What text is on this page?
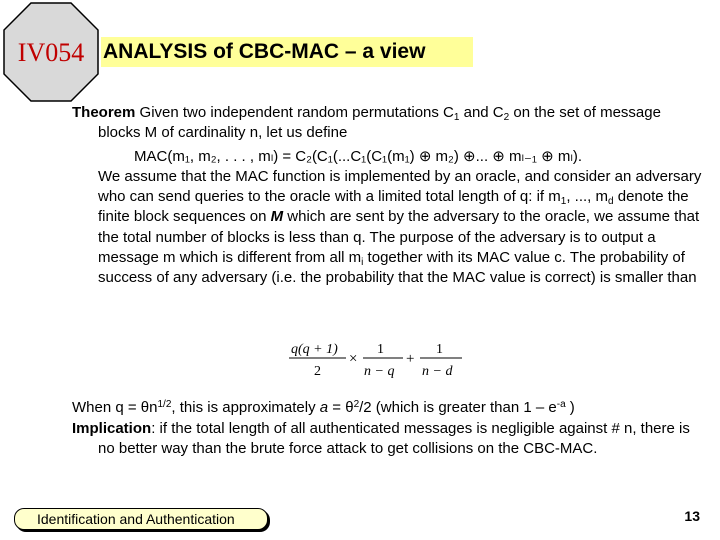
IV054 ANALYSIS of CBC-MAC – a view

Theorem Given two independent random permutations $C_1$ and $C_2$ on the set of message blocks M of cardinality n, let us define

MAC(m₁, m₂, . . . , mₗ) = C₂(C₁(...C₁(C₁(m₁) ⊕ m₂) ⊕... ⊕ mₗ₋₁ ⊕ mₗ).

We assume that the MAC function is implemented by an oracle, and consider an adversary who can send queries to the oracle with a limited total length of q: if $m_1$, ..., $m_d$ denote the finite block sequences on M which are sent by the adversary to the oracle, we assume that the total number of blocks is less than q. The purpose of the adversary is to output a message m which is different from all $m_i$ together with its MAC value c. The probability of success of any adversary (i.e. the probability that the MAC value is correct) is smaller than

q(q + 1)
2
×
1
n − q
+
1
n − d

When $q = \theta n^{1/2}$, this is approximately $a = \theta^2/2$ (which is greater than $1 - e^{-a}$ )

Implication: if the total length of all authenticated messages is negligible against # n, there is no better way than the brute force attack to get collisions on the CBC-MAC.

Identification and Authentication	13
